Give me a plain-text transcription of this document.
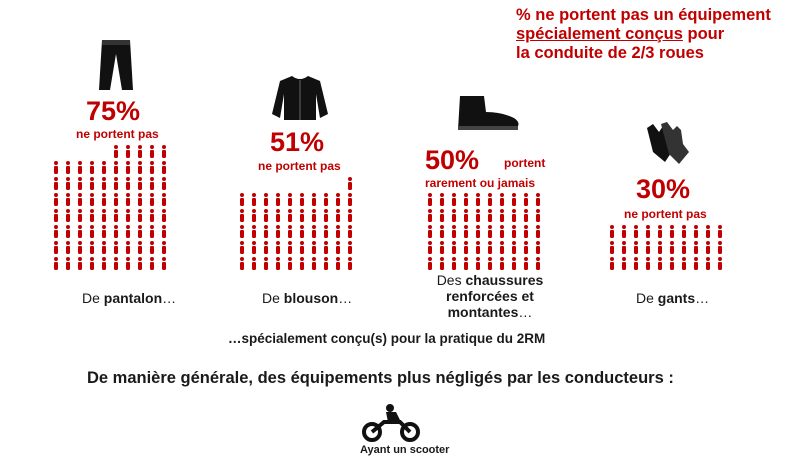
% ne portent pas un équipement
spécialement conçus pour
la conduite de 2/3 roues
75%
ne portent pas
De pantalon…
51%
ne portent pas
De blouson…
50% portent
rarement ou jamais
Des chaussures renforcées et montantes…
30%
ne portent pas
De gants…
…spécialement conçu(s) pour la pratique du 2RM
De manière générale, des équipements plus négligés par les conducteurs :
Ayant un scooter
